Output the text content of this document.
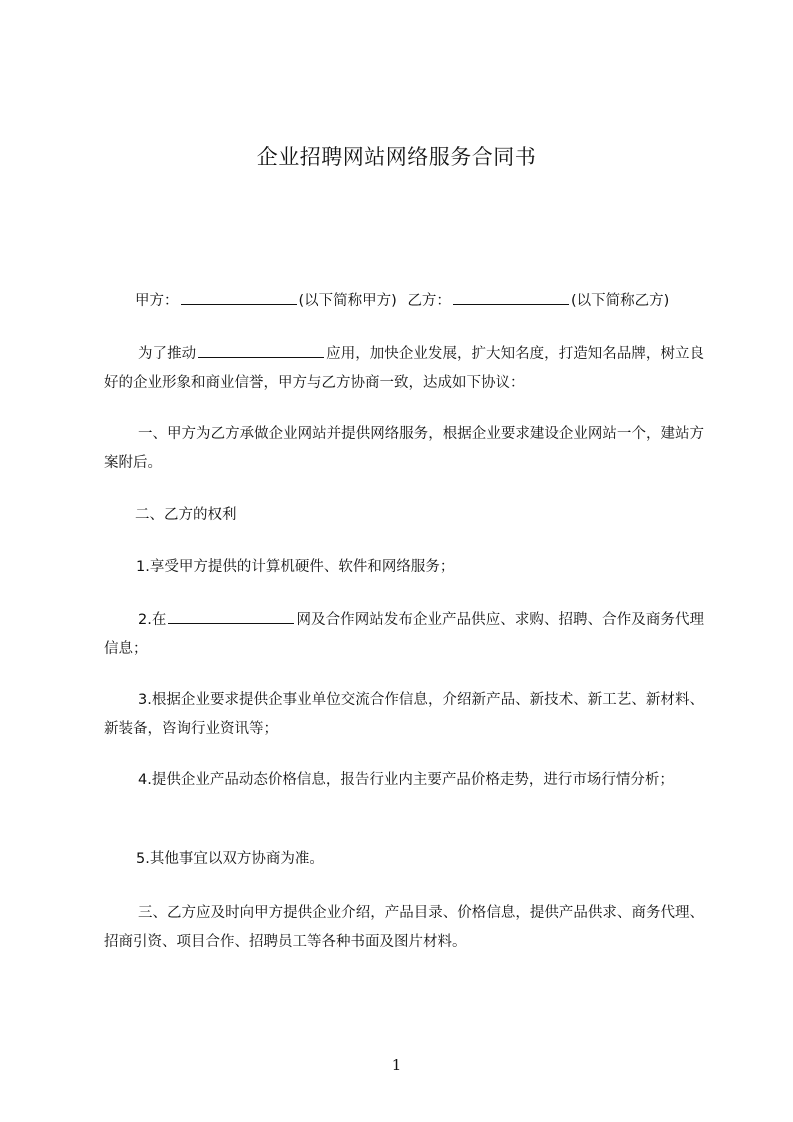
企业招聘网站网络服务合同书
甲方：	(以下简称甲方) 乙方：	(以下简称乙方)
为了推动	应用，加快企业发展，扩大知名度，打造知名品牌，树立良好的企业形象和商业信誉，甲方与乙方协商一致，达成如下协议：
一、甲方为乙方承做企业网站并提供网络服务，根据企业要求建设企业网站一个，建站方案附后。
二、乙方的权利
1.享受甲方提供的计算机硬件、软件和网络服务；
2.在	网及合作网站发布企业产品供应、求购、招聘、合作及商务代理信息；
3.根据企业要求提供企事业单位交流合作信息，介绍新产品、新技术、新工艺、新材料、新装备，咨询行业资讯等；
4.提供企业产品动态价格信息，报告行业内主要产品价格走势，进行市场行情分析；
5.其他事宜以双方协商为准。
三、乙方应及时向甲方提供企业介绍，产品目录、价格信息，提供产品供求、商务代理、招商引资、项目合作、招聘员工等各种书面及图片材料。
1
